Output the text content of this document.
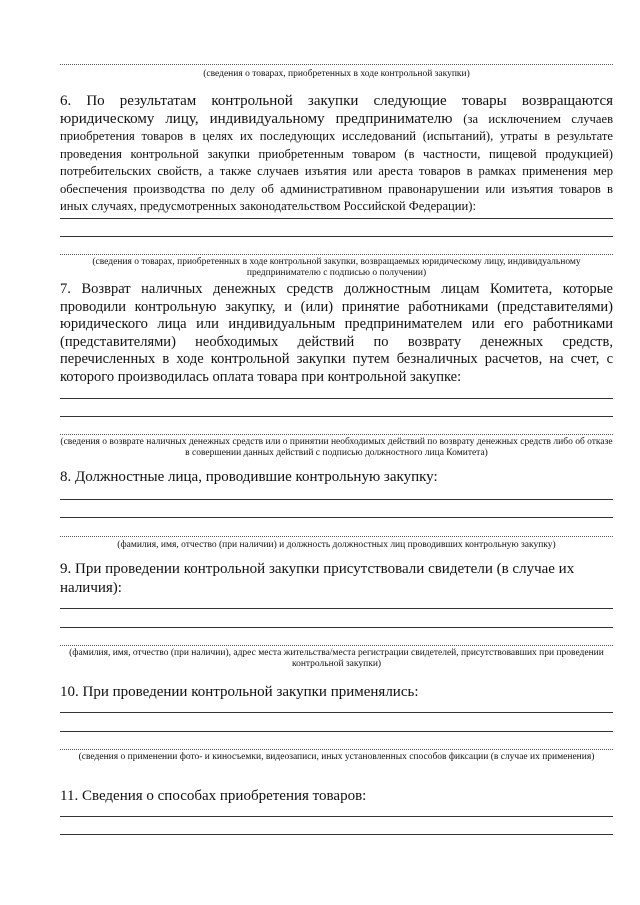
(сведения о товарах, приобретенных в ходе контрольной закупки)
6. По результатам контрольной закупки следующие товары возвращаются юридическому лицу, индивидуальному предпринимателю (за исключением случаев приобретения товаров в целях их последующих исследований (испытаний), утраты в результате проведения контрольной закупки приобретенным товаром (в частности, пищевой продукцией) потребительских свойств, а также случаев изъятия или ареста товаров в рамках применения мер обеспечения производства по делу об административном правонарушении или изъятия товаров в иных случаях, предусмотренных законодательством Российской Федерации):
(сведения о товарах, приобретенных в ходе контрольной закупки, возвращаемых юридическому лицу, индивидуальному предпринимателю с подписью о получении)
7. Возврат наличных денежных средств должностным лицам Комитета, которые проводили контрольную закупку, и (или) принятие работниками (представителями) юридического лица или индивидуальным предпринимателем или его работниками (представителями) необходимых действий по возврату денежных средств, перечисленных в ходе контрольной закупки путем безналичных расчетов, на счет, с которого производилась оплата товара при контрольной закупке:
(сведения о возврате наличных денежных средств или о принятии необходимых действий по возврату денежных средств либо об отказе в совершении данных действий с подписью должностного лица Комитета)
8. Должностные лица, проводившие контрольную закупку:
(фамилия, имя, отчество (при наличии) и должность должностных лиц проводивших контрольную закупку)
9. При проведении контрольной закупки присутствовали свидетели (в случае их наличия):
(фамилия, имя, отчество (при наличии), адрес места жительства/места регистрации свидетелей, присутствовавших при проведении контрольной закупки)
10. При проведении контрольной закупки применялись:
(сведения о применении фото- и киносъемки, видеозаписи, иных установленных способов фиксации (в случае их применения)
11. Сведения о способах приобретения товаров:
